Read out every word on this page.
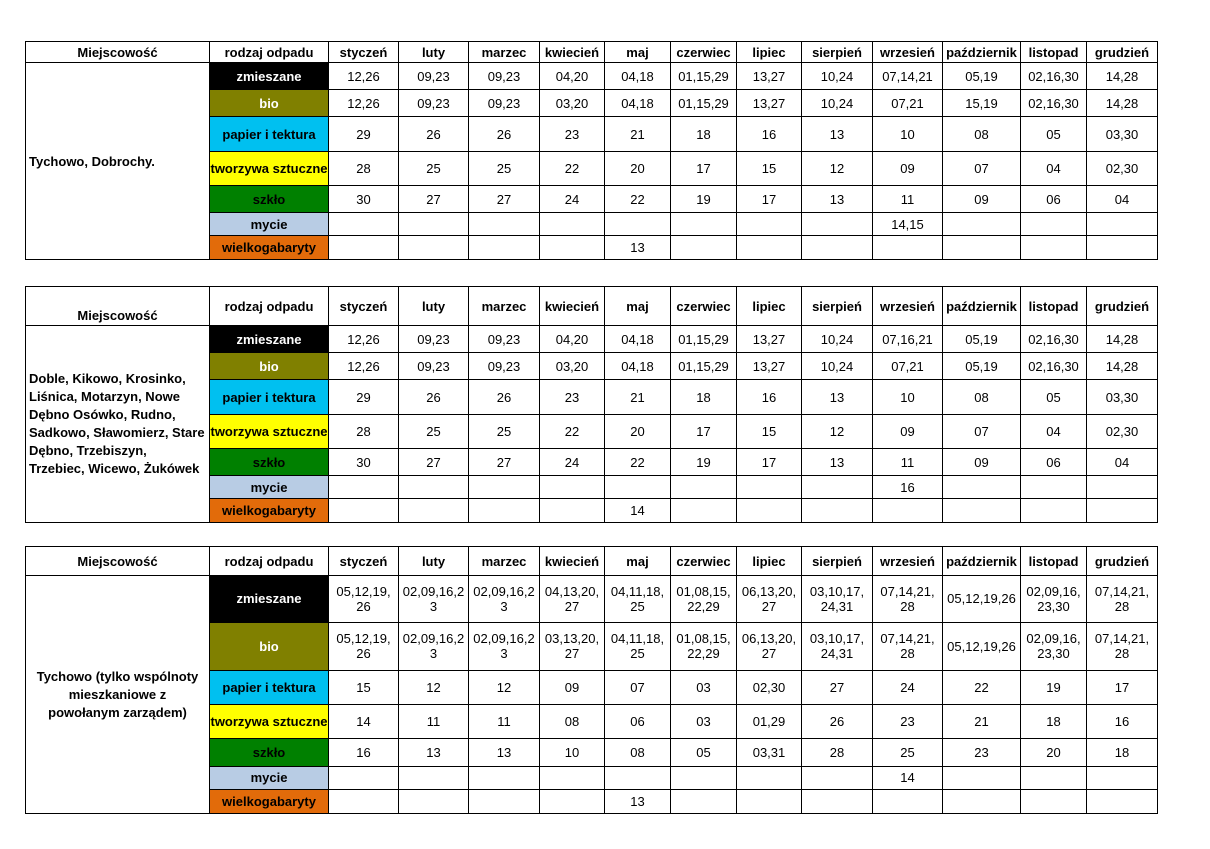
Miejscowość	rodzaj odpadu	styczeń	luty	marzec	kwiecień	maj	czerwiec	lipiec	sierpień	wrzesień	październik	listopad	grudzień
Tychowo, Dobrochy.	zmieszane	12,26	09,23	09,23	04,20	04,18	01,15,29	13,27	10,24	07,14,21	05,19	02,16,30	14,28
	bio	12,26	09,23	09,23	03,20	04,18	01,15,29	13,27	10,24	07,21	15,19	02,16,30	14,28
	papier i tektura	29	26	26	23	21	18	16	13	10	08	05	03,30
	tworzywa sztuczne	28	25	25	22	20	17	15	12	09	07	04	02,30
	szkło	30	27	27	24	22	19	17	13	11	09	06	04
	mycie									14,15			
	wielkogabaryty					13							
Miejscowość	rodzaj odpadu	styczeń	luty	marzec	kwiecień	maj	czerwiec	lipiec	sierpień	wrzesień	październik	listopad	grudzień
Doble, Kikowo, Krosinko, Liśnica, Motarzyn, Nowe Dębno Osówko, Rudno, Sadkowo, Sławomierz, Stare Dębno, Trzebiszyn, Trzebiec, Wicewo, Żukówek	zmieszane	12,26	09,23	09,23	04,20	04,18	01,15,29	13,27	10,24	07,16,21	05,19	02,16,30	14,28
	bio	12,26	09,23	09,23	03,20	04,18	01,15,29	13,27	10,24	07,21	05,19	02,16,30	14,28
	papier i tektura	29	26	26	23	21	18	16	13	10	08	05	03,30
	tworzywa sztuczne	28	25	25	22	20	17	15	12	09	07	04	02,30
	szkło	30	27	27	24	22	19	17	13	11	09	06	04
	mycie									16			
	wielkogabaryty					14							
Miejscowość	rodzaj odpadu	styczeń	luty	marzec	kwiecień	maj	czerwiec	lipiec	sierpień	wrzesień	październik	listopad	grudzień
Tychowo (tylko wspólnoty mieszkaniowe z powołanym zarządem)	zmieszane	05,12,19, 26	02,09,16,2 3	02,09,16,2 3	04,13,20, 27	04,11,18, 25	01,08,15, 22,29	06,13,20, 27	03,10,17, 24,31	07,14,21, 28	05,12,19,26	02,09,16, 23,30	07,14,21, 28
	bio	05,12,19, 26	02,09,16,2 3	02,09,16,2 3	03,13,20, 27	04,11,18, 25	01,08,15, 22,29	06,13,20, 27	03,10,17, 24,31	07,14,21, 28	05,12,19,26	02,09,16, 23,30	07,14,21, 28
	papier i tektura	15	12	12	09	07	03	02,30	27	24	22	19	17
	tworzywa sztuczne	14	11	11	08	06	03	01,29	26	23	21	18	16
	szkło	16	13	13	10	08	05	03,31	28	25	23	20	18
	mycie									14			
	wielkogabaryty					13							
